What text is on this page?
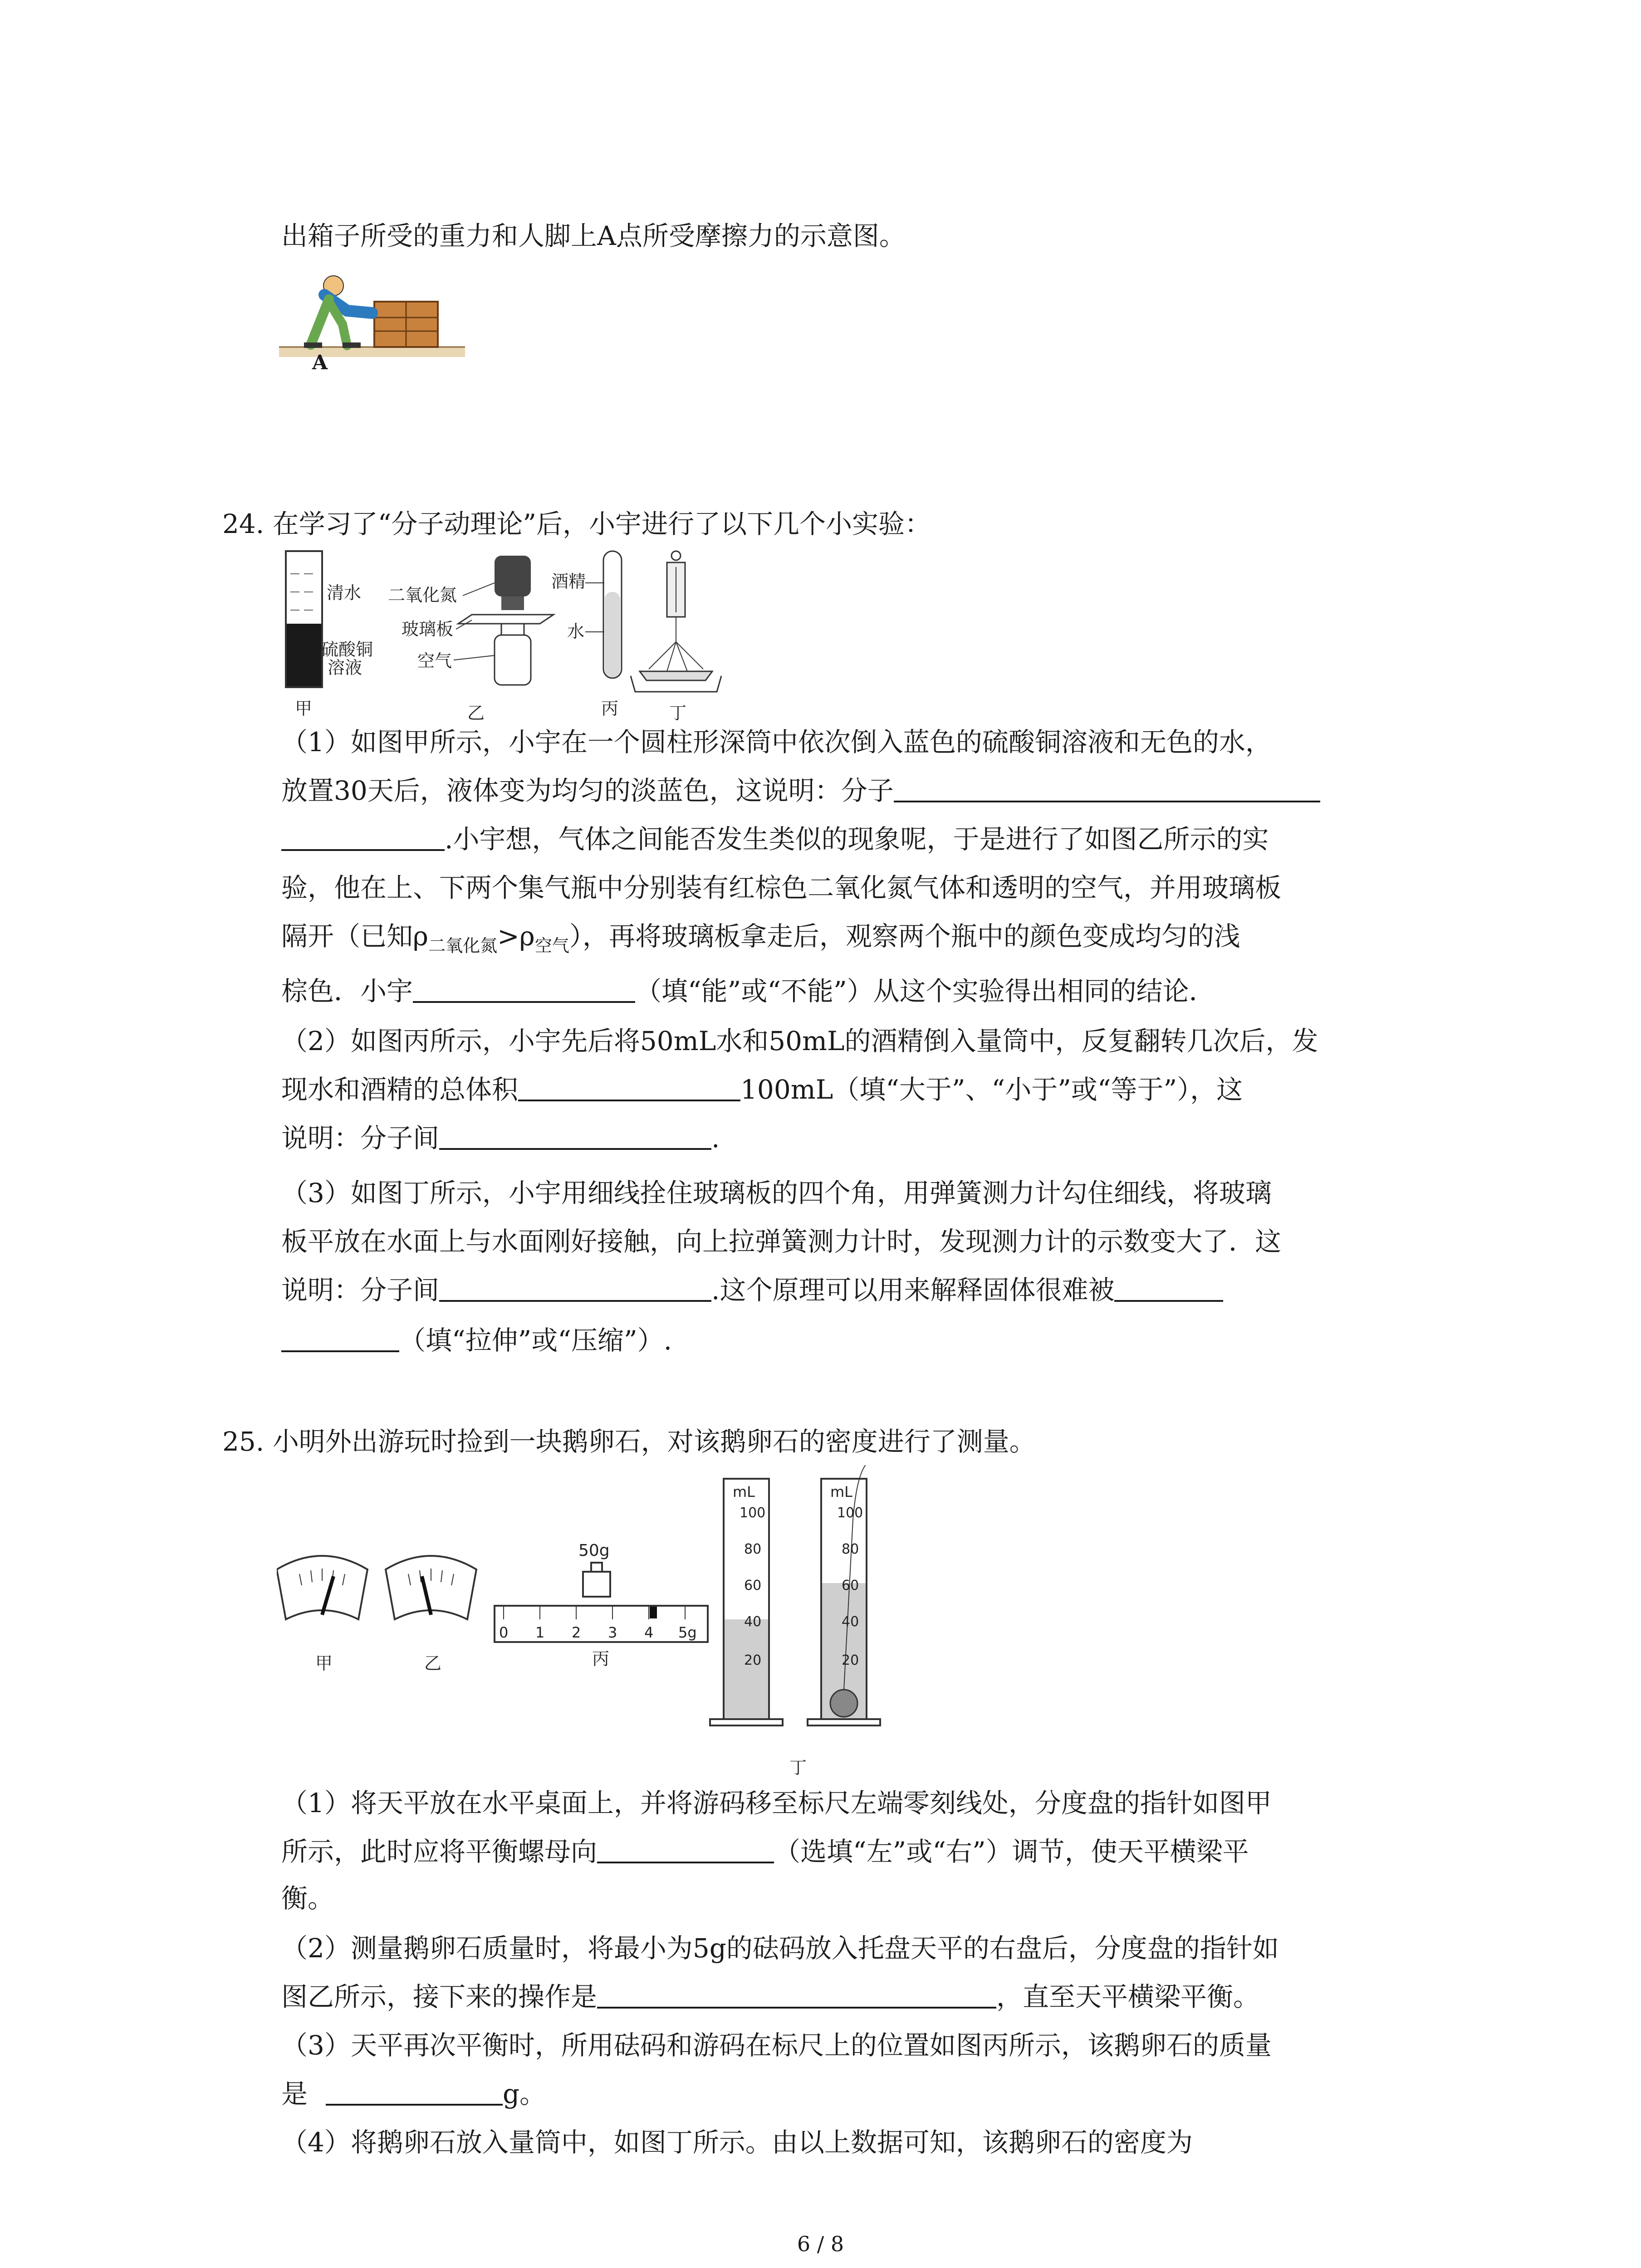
出箱子所受的重力和人脚上A点所受摩擦力的示意图。
A
24. 在学习了“分子动理论”后，小宇进行了以下几个小实验：
清水
硫酸铜
溶液
甲
二氧化氮
玻璃板
空气
乙
酒精
水
丙	丁
（1）如图甲所示，小宇在一个圆柱形深筒中依次倒入蓝色的硫酸铜溶液和无色的水，
放置30天后，液体变为均匀的淡蓝色，这说明：分子
.小宇想，气体之间能否发生类似的现象呢，于是进行了如图乙所示的实
验，他在上、下两个集气瓶中分别装有红棕色二氧化氮气体和透明的空气，并用玻璃板
隔开（已知$\rho_{二氧化氮}>\rho_{空气}$），再将玻璃板拿走后，观察两个瓶中的颜色变成均匀的浅
棕色．小宇	（填“能”或“不能”）从这个实验得出相同的结论．
（2）如图丙所示，小宇先后将50mL水和50mL的酒精倒入量筒中，反复翻转几次后，发
现水和酒精的总体积	100mL（填“大于”、“小于”或“等于”），这
说明：分子间	.
（3）如图丁所示，小宇用细线拴住玻璃板的四个角，用弹簧测力计勾住细线，将玻璃
板平放在水面上与水面刚好接触，向上拉弹簧测力计时，发现测力计的示数变大了．这
说明：分子间	.这个原理可以用来解释固体很难被
（填“拉伸”或“压缩”）.
25. 小明外出游玩时捡到一块鹅卵石，对该鹅卵石的密度进行了测量。
甲	乙
50g
0 1 2 3 4 5g
丙
mL
100
80
60
40
20
mL
100
80
60
40
20
丁
（1）将天平放在水平桌面上，并将游码移至标尺左端零刻线处，分度盘的指针如图甲
所示，此时应将平衡螺母向	（选填“左”或“右”）调节，使天平横梁平
衡。
（2）测量鹅卵石质量时，将最小为5g的砝码放入托盘天平的右盘后，分度盘的指针如
图乙所示，接下来的操作是	，直至天平横梁平衡。
（3）天平再次平衡时，所用砝码和游码在标尺上的位置如图丙所示，该鹅卵石的质量
是	g。
（4）将鹅卵石放入量筒中，如图丁所示。由以上数据可知，该鹅卵石的密度为
6 / 8
